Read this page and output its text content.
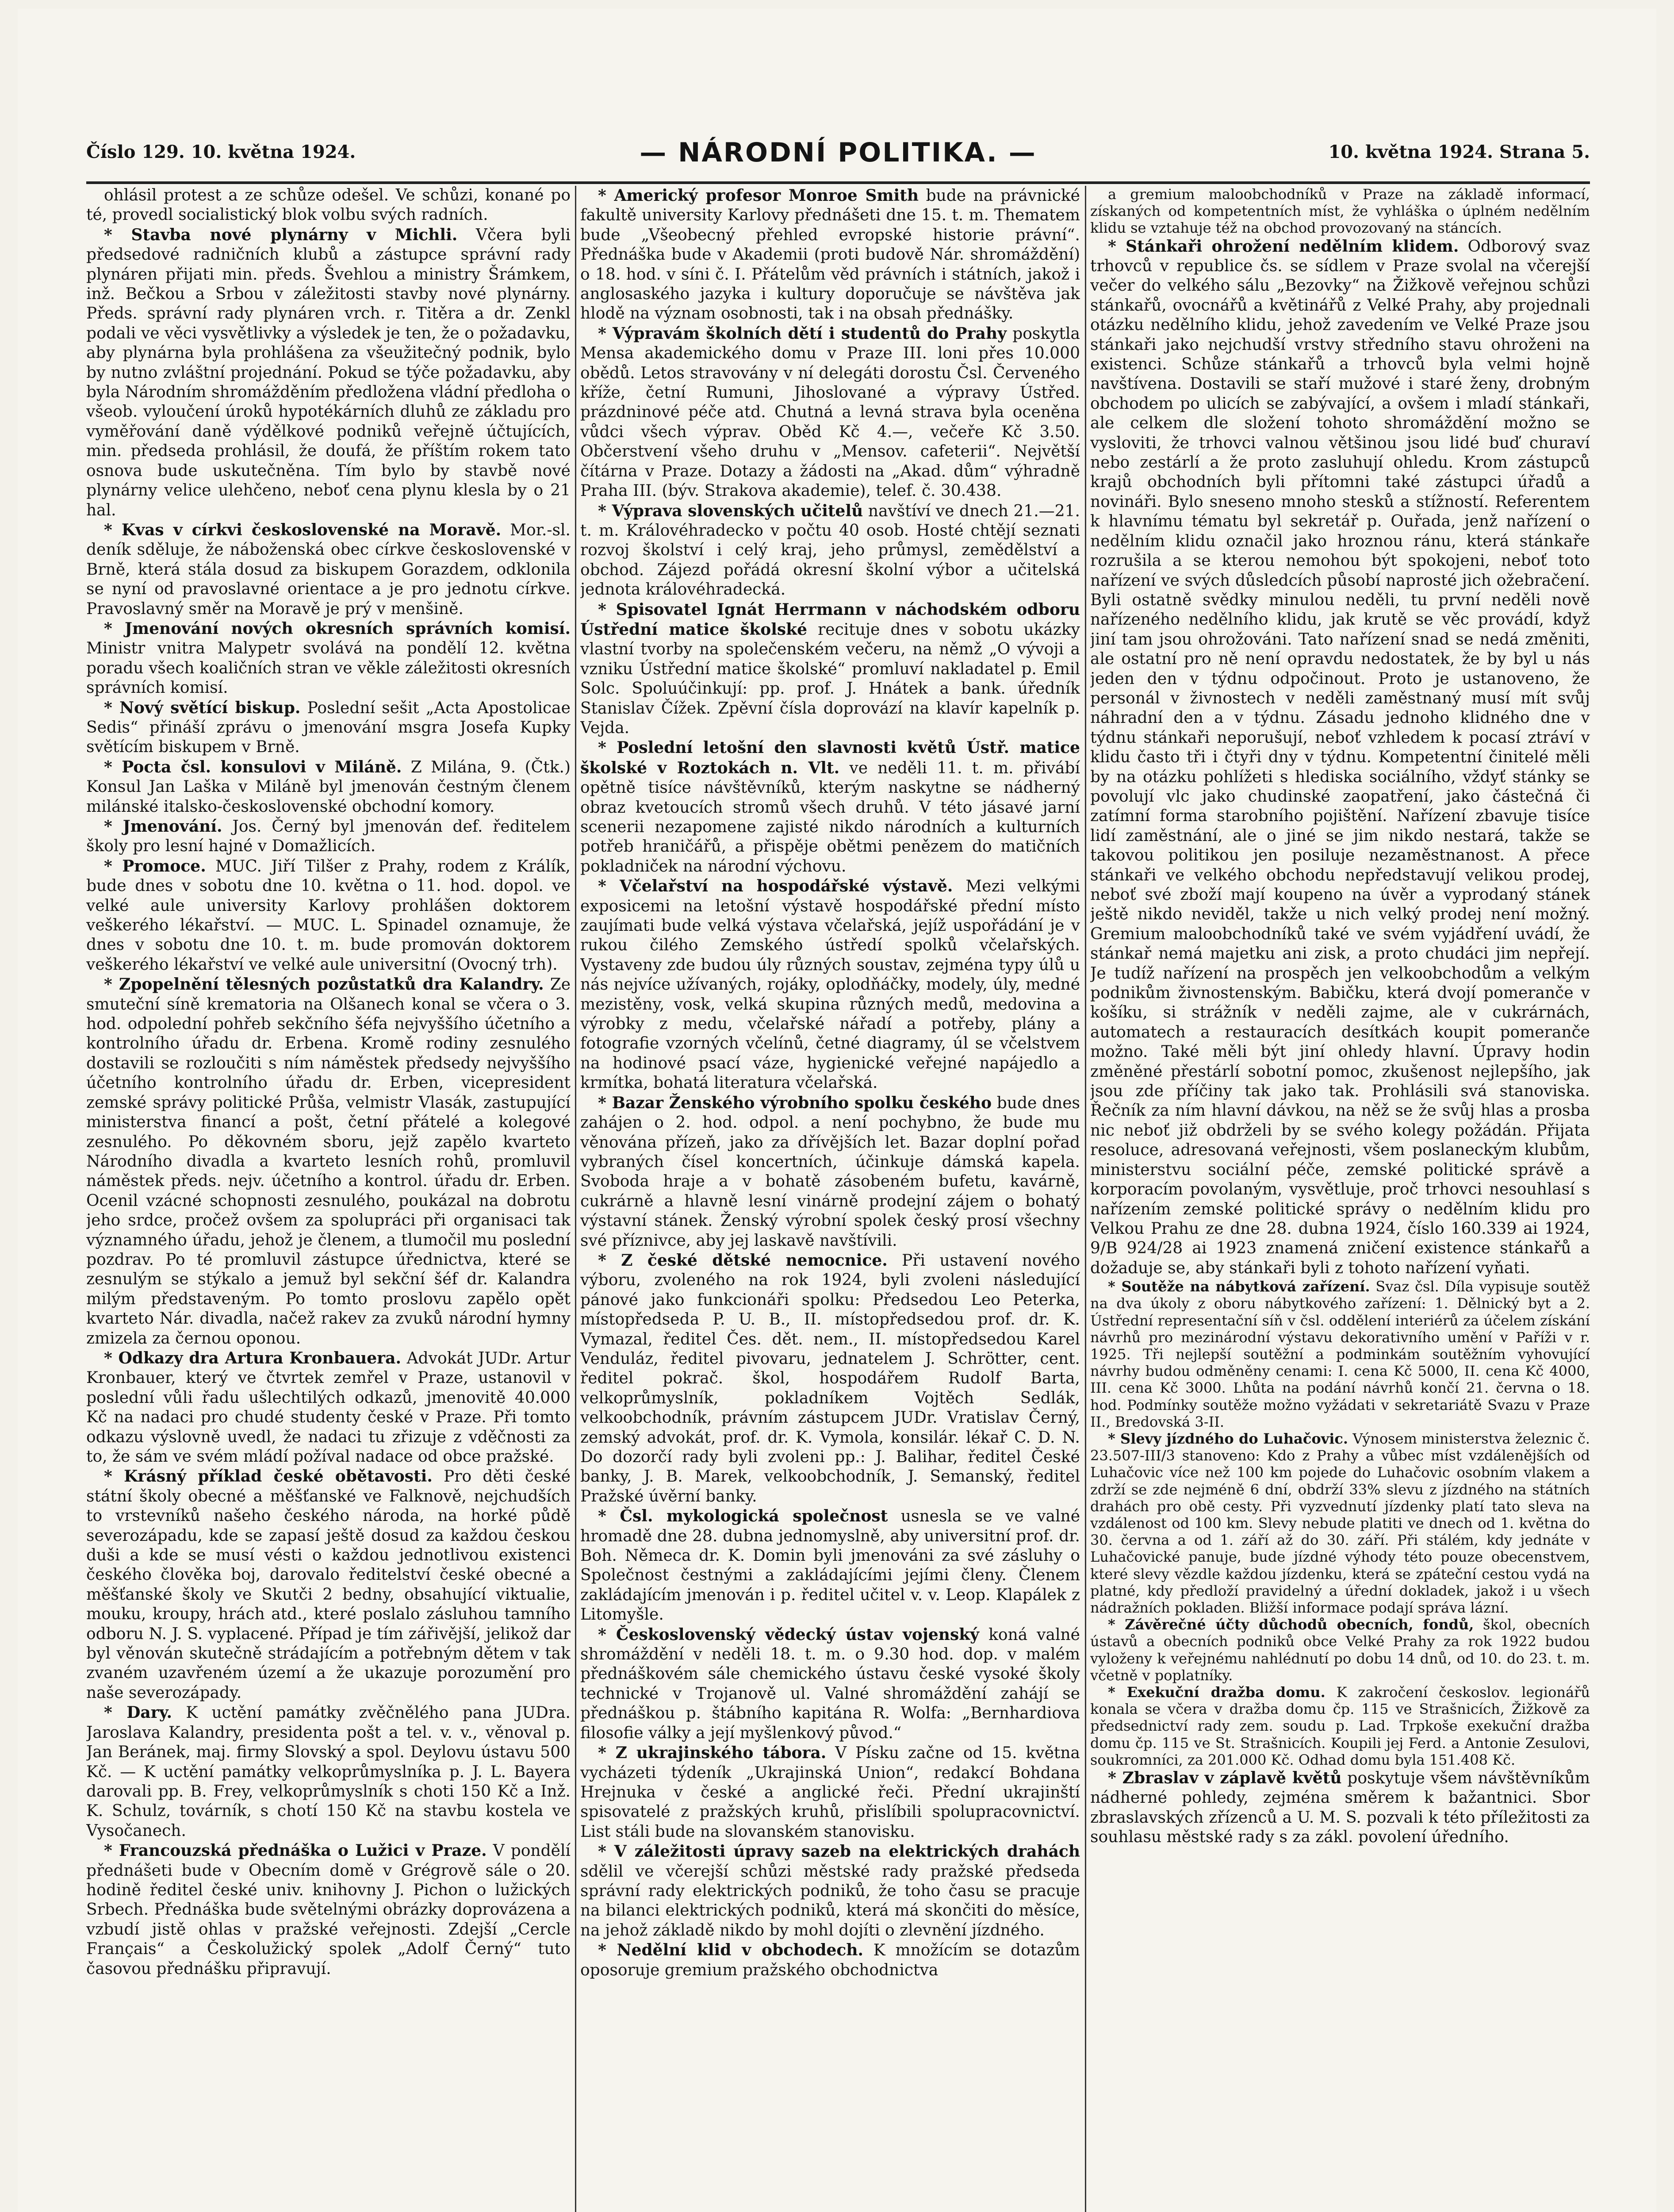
Číslo 129. 10. května 1924.	— NÁRODNÍ POLITIKA. —	10. května 1924. Strana 5.

ohlásil protest a ze schůze odešel. Ve schůzi, konané po té, provedl socialistický blok volbu svých radních.

* Stavba nové plynárny v Michli. Včera byli předsedové radničních klubů a zástupce správní rady plynáren přijati min. předs. Švehlou a ministry Šrámkem, inž. Bečkou a Srbou v záležitosti stavby nové plynárny. Předs. správní rady plynáren vrch. r. Titěra a dr. Zenkl podali ve věci vysvětlivky a výsledek je ten, že o požadavku, aby plynárna byla prohlášena za všeužitečný podnik, bylo by nutno zvláštní projednání. Pokud se týče požadavku, aby byla Národním shromážděním předložena vládní předloha o všeob. vyloučení úroků hypotékárních dluhů ze základu pro vyměřování daně výdělkové podniků veřejně účtujících, min. předseda prohlásil, že doufá, že příštím rokem tato osnova bude uskutečněna. Tím bylo by stavbě nové plynárny velice ulehčeno, neboť cena plynu klesla by o 21 hal.

* Kvas v církvi československé na Moravě. Mor.-sl. deník sděluje, že náboženská obec církve československé v Brně, která stála dosud za biskupem Gorazdem, odklonila se nyní od pravoslavné orientace a je pro jednotu církve. Pravoslavný směr na Moravě je prý v menšině.

* Jmenování nových okresních správních komisí. Ministr vnitra Malypetr svolává na pondělí 12. května poradu všech koaličních stran ve věkle záležitosti okresních správních komisí.

* Nový světící biskup. Poslední sešit „Acta Apostolicae Sedis“ přináší zprávu o jmenování msgra Josefa Kupky světícím biskupem v Brně.

* Pocta čsl. konsulovi v Miláně. Z Milána, 9. (Čtk.) Konsul Jan Laška v Miláně byl jmenován čestným členem milánské italsko-československé obchodní komory.

* Jmenování. Jos. Černý byl jmenován def. ředitelem školy pro lesní hajné v Domažlicích.

* Promoce. MUC. Jiří Tilšer z Prahy, rodem z Králík, bude dnes v sobotu dne 10. května o 11. hod. dopol. ve velké aule university Karlovy prohlášen doktorem veškerého lékařství. — MUC. L. Spinadel oznamuje, že dnes v sobotu dne 10. t. m. bude promován doktorem veškerého lékařství ve velké aule universitní (Ovocný trh).

* Zpopelnění tělesných pozůstatků dra Kalandry. Ze smuteční síně krematoria na Olšanech konal se včera o 3. hod. odpolední pohřeb sekčního šéfa nejvyššího účetního a kontrolního úřadu dr. Erbena. Kromě rodiny zesnulého dostavili se rozloučiti s ním náměstek předsedy nejvyššího účetního kontrolního úřadu dr. Erben, vicepresident zemské správy politické Průša, velmistr Vlasák, zastupující ministerstva financí a pošt, četní přátelé a kolegové zesnulého. Po děkovném sboru, jejž zapělo kvarteto Národního divadla a kvarteto lesních rohů, promluvil náměstek předs. nejv. účetního a kontrol. úřadu dr. Erben. Ocenil vzácné schopnosti zesnulého, poukázal na dobrotu jeho srdce, pročež ovšem za spolupráci při organisaci tak významného úřadu, jehož je členem, a tlumočil mu poslední pozdrav. Po té promluvil zástupce úřednictva, které se zesnulým se stýkalo a jemuž byl sekční šéf dr. Kalandra milým představeným. Po tomto proslovu zapělo opět kvarteto Nár. divadla, načež rakev za zvuků národní hymny zmizela za černou oponou.

* Odkazy dra Artura Kronbauera. Advokát JUDr. Artur Kronbauer, který ve čtvrtek zemřel v Praze, ustanovil v poslední vůli řadu ušlechtilých odkazů, jmenovitě 40.000 Kč na nadaci pro chudé studenty české v Praze. Při tomto odkazu výslovně uvedl, že nadaci tu zřizuje z vděčnosti za to, že sám ve svém mládí požíval nadace od obce pražské.

* Krásný příklad české obětavosti. Pro děti české státní školy obecné a měšťanské ve Falknově, nejchudších to vrstevníků našeho českého národa, na horké půdě severozápadu, kde se zapasí ještě dosud za každou českou duši a kde se musí vésti o každou jednotlivou existenci českého člověka boj, darovalo ředitelství české obecné a měšťanské školy ve Skutči 2 bedny, obsahující viktualie, mouku, kroupy, hrách atd., které poslalo zásluhou tamního odboru N. J. S. vyplacené. Případ je tím zářivější, jelikož dar byl věnován skutečně strádajícím a potřebným dětem v tak zvaném uzavřeném území a že ukazuje porozumění pro naše severozápady.

* Dary. K uctění památky zvěčnělého pana JUDra. Jaroslava Kalandry, presidenta pošt a tel. v. v., věnoval p. Jan Beránek, maj. firmy Slovský a spol. Deylovu ústavu 500 Kč. — K uctění památky velkoprůmyslníka p. J. L. Bayera darovali pp. B. Frey, velkoprůmyslník s choti 150 Kč a Inž. K. Schulz, továrník, s chotí 150 Kč na stavbu kostela ve Vysočanech.

* Francouzská přednáška o Lužici v Praze. V pondělí přednášeti bude v Obecním domě v Grégrově sále o 20. hodině ředitel české univ. knihovny J. Pichon o lužických Srbech. Přednáška bude světelnými obrázky doprovázena a vzbudí jistě ohlas v pražské veřejnosti. Zdejší „Cercle Français“ a Českolužický spolek „Adolf Černý“ tuto časovou přednášku připravují.

* Americký profesor Monroe Smith bude na právnické fakultě university Karlovy přednášeti dne 15. t. m. Thematem bude „Všeobecný přehled evropské historie právní“. Přednáška bude v Akademii (proti budově Nár. shromáždění) o 18. hod. v síni č. I. Přátelům věd právních i státních, jakož i anglosaského jazyka i kultury doporučuje se návštěva jak hlodě na význam osobnosti, tak i na obsah přednášky.

* Výpravám školních dětí i studentů do Prahy poskytla Mensa akademického domu v Praze III. loni přes 10.000 obědů. Letos stravovány v ní delegáti dorostu Čsl. Červeného kříže, četní Rumuni, Jihoslované a výpravy Ústřed. prázdninové péče atd. Chutná a levná strava byla oceněna vůdci všech výprav. Oběd Kč 4.—, večeře Kč 3.50. Občerstvení všeho druhu v „Mensov. cafeterii“. Největší čítárna v Praze. Dotazy a žádosti na „Akad. dům“ výhradně Praha III. (býv. Strakova akademie), telef. č. 30.438.

* Výprava slovenských učitelů navštíví ve dnech 21.—21. t. m. Královéhradecko v počtu 40 osob. Hosté chtějí seznati rozvoj školství i celý kraj, jeho průmysl, zemědělství a obchod. Zájezd pořádá okresní školní výbor a učitelská jednota královéhradecká.

* Spisovatel Ignát Herrmann v náchodském odboru Ústřední matice školské recituje dnes v sobotu ukázky vlastní tvorby na společenském večeru, na němž „O vývoji a vzniku Ústřední matice školské“ promluví nakladatel p. Emil Solc. Spoluúčinkují: pp. prof. J. Hnátek a bank. úředník Stanislav Čížek. Zpěvní čísla doprovází na klavír kapelník p. Vejda.

* Poslední letošní den slavnosti květů Ústř. matice školské v Roztokách n. Vlt. ve neděli 11. t. m. přivábí opětně tisíce návštěvníků, kterým naskytne se nádherný obraz kvetoucích stromů všech druhů. V této jásavé jarní scenerii nezapomene zajisté nikdo národních a kulturních potřeb hraničářů, a přispěje obětmi penězem do matičních pokladniček na národní výchovu.

* Včelařství na hospodářské výstavě. Mezi velkými exposicemi na letošní výstavě hospodářské přední místo zaujímati bude velká výstava včelařská, jejíž uspořádání je v rukou čilého Zemského ústředí spolků včelařských. Vystaveny zde budou úly různých soustav, zejména typy úlů u nás nejvíce užívaných, rojáky, oplodňáčky, modely, úly, medné mezistěny, vosk, velká skupina různých medů, medovina a výrobky z medu, včelařské nářadí a potřeby, plány a fotografie vzorných včelínů, četné diagramy, úl se včelstvem na hodinové psací váze, hygienické veřejné napájedlo a krmítka, bohatá literatura včelařská.

* Bazar Ženského výrobního spolku českého bude dnes zahájen o 2. hod. odpol. a není pochybno, že bude mu věnována přízeň, jako za dřívějších let. Bazar doplní pořad vybraných čísel koncertních, účinkuje dámská kapela. Svoboda hraje a v bohatě zásobeném bufetu, kavárně, cukrárně a hlavně lesní vinárně prodejní zájem o bohatý výstavní stánek. Ženský výrobní spolek český prosí všechny své příznivce, aby jej laskavě navštívili.

* Z české dětské nemocnice. Při ustavení nového výboru, zvoleného na rok 1924, byli zvoleni následující pánové jako funkcionáři spolku: Předsedou Leo Peterka, místopředseda P. U. B., II. místopředsedou prof. dr. K. Vymazal, ředitel Čes. dět. nem., II. místopředsedou Karel Venduláz, ředitel pivovaru, jednatelem J. Schrötter, cent. ředitel pokrač. škol, hospodářem Rudolf Barta, velkoprůmyslník, pokladníkem Vojtěch Sedlák, velkoobchodník, právním zástupcem JUDr. Vratislav Černý, zemský advokát, prof. dr. K. Vymola, konsilár. lékař C. D. N. Do dozorčí rady byli zvoleni pp.: J. Balihar, ředitel České banky, J. B. Marek, velkoobchodník, J. Semanský, ředitel Pražské úvěrní banky.

* Čsl. mykologická společnost usnesla se ve valné hromadě dne 28. dubna jednomyslně, aby universitní prof. dr. Boh. Němeca dr. K. Domin byli jmenováni za své zásluhy o Společnost čestnými a zakládajícími jejími členy. Členem zakládajícím jmenován i p. ředitel učitel v. v. Leop. Klapálek z Litomyšle.

* Československý vědecký ústav vojenský koná valné shromáždění v neděli 18. t. m. o 9.30 hod. dop. v malém přednáškovém sále chemického ústavu české vysoké školy technické v Trojanově ul. Valné shromáždění zahájí se přednáškou p. štábního kapitána R. Wolfa: „Bernhardiova filosofie války a její myšlenkový původ.“

* Z ukrajinského tábora. V Písku začne od 15. května vycházeti týdeník „Ukrajinská Union“, redakcí Bohdana Hrejnuka v české a anglické řeči. Přední ukrajinští spisovatelé z pražských kruhů, přislíbili spolupracovnictví. List stáli bude na slovanském stanovisku.

* V záležitosti úpravy sazeb na elektrických drahách sdělil ve včerejší schůzi městské rady pražské předseda správní rady elektrických podniků, že toho času se pracuje na bilanci elektrických podniků, která má skončiti do měsíce, na jehož základě nikdo by mohl dojíti o zlevnění jízdného.

* Nedělní klid v obchodech. K množícím se dotazům oposoruje gremium pražského obchodnictva

a gremium maloobchodníků v Praze na základě informací, získaných od kompetentních míst, že vyhláška o úplném nedělním klidu se vztahuje též na obchod provozovaný na stáncích.

* Stánkaři ohrožení nedělním klidem. Odborový svaz trhovců v republice čs. se sídlem v Praze svolal na včerejší večer do velkého sálu „Bezovky“ na Žižkově veřejnou schůzi stánkařů, ovocnářů a květinářů z Velké Prahy, aby projednali otázku nedělního klidu, jehož zavedením ve Velké Praze jsou stánkaři jako nejchudší vrstvy středního stavu ohroženi na existenci. Schůze stánkařů a trhovců byla velmi hojně navštívena. Dostavili se staří mužové i staré ženy, drobným obchodem po ulicích se zabývající, a ovšem i mladí stánkaři, ale celkem dle složení tohoto shromáždění možno se vysloviti, že trhovci valnou většinou jsou lidé buď churaví nebo zestárlí a že proto zasluhují ohledu. Krom zástupců krajů obchodních byli přítomni také zástupci úřadů a novináři. Bylo sneseno mnoho stesků a stížností. Referentem k hlavnímu tématu byl sekretář p. Ouřada, jenž nařízení o nedělním klidu označil jako hroznou ránu, která stánkaře rozrušila a se kterou nemohou být spokojeni, neboť toto nařízení ve svých důsledcích působí naprosté jich ožebračení. Byli ostatně svědky minulou neděli, tu první neděli nově nařízeného nedělního klidu, jak krutě se věc provádí, když jiní tam jsou ohrožováni. Tato nařízení snad se nedá změniti, ale ostatní pro ně není opravdu nedostatek, že by byl u nás jeden den v týdnu odpočinout. Proto je ustanoveno, že personál v živnostech v neděli zaměstnaný musí mít svůj náhradní den a v týdnu. Zásadu jednoho klidného dne v týdnu stánkaři neporušují, neboť vzhledem k pocasí ztráví v klidu často tři i čtyři dny v týdnu. Kompetentní činitelé měli by na otázku pohlížeti s hlediska sociálního, vždyť stánky se povolují vlc jako chudinské zaopatření, jako částečná či zatímní forma starobního pojištění. Nařízení zbavuje tisíce lidí zaměstnání, ale o jiné se jim nikdo nestará, takže se takovou politikou jen posiluje nezaměstnanost. A přece stánkaři ve velkého obchodu nepředstavují velikou prodej, neboť své zboží mají koupeno na úvěr a vyprodaný stánek ještě nikdo neviděl, takže u nich velký prodej není možný. Gremium maloobchodníků také ve svém vyjádření uvádí, že stánkař nemá majetku ani zisk, a proto chudáci jim nepřejí. Je tudíž nařízení na prospěch jen velkoobchodům a velkým podnikům živnostenským. Babičku, která dvojí pomeranče v košíku, si strážník v neděli zajme, ale v cukrárnách, automatech a restauracích desítkách koupit pomeranče možno. Také měli být jiní ohledy hlavní. Úpravy hodin změněné přestárlí sobotní pomoc, zkušenost nejlepšího, jak jsou zde příčiny tak jako tak. Prohlásili svá stanoviska. Řečník za ním hlavní dávkou, na něž se že svůj hlas a prosba nic neboť již obdrželi by se svého kolegy požádán. Přijata resoluce, adresovaná veřejnosti, všem poslaneckým klubům, ministerstvu sociální péče, zemské politické správě a korporacím povolaným, vysvětluje, proč trhovci nesouhlasí s nařízením zemské politické správy o nedělním klidu pro Velkou Prahu ze dne 28. dubna 1924, číslo 160.339 ai 1924, 9/B 924/28 ai 1923 znamená zničení existence stánkařů a dožaduje se, aby stánkaři byli z tohoto nařízení vyňati.

* Soutěže na nábytková zařízení. Svaz čsl. Díla vypisuje soutěž na dva úkoly z oboru nábytkového zařízení: 1. Dělnický byt a 2. Ústřední representační síň v čsl. oddělení interiérů za účelem získání návrhů pro mezinárodní výstavu dekorativního umění v Paříži v r. 1925. Tři nejlepší soutěžní a podminkám soutěžním vyhovující návrhy budou odměněny cenami: I. cena Kč 5000, II. cena Kč 4000, III. cena Kč 3000. Lhůta na podání návrhů končí 21. června o 18. hod. Podmínky soutěže možno vyžádati v sekretariátě Svazu v Praze II., Bredovská 3-II.

* Slevy jízdného do Luhačovic. Výnosem ministerstva železnic č. 23.507-III/3 stanoveno: Kdo z Prahy a vůbec míst vzdálenějších od Luhačovic více než 100 km pojede do Luhačovic osobním vlakem a zdrží se zde nejméně 6 dní, obdrží 33% slevu z jízdného na státních drahách pro obě cesty. Při vyzvednutí jízdenky platí tato sleva na vzdálenost od 100 km. Slevy nebude platiti ve dnech od 1. května do 30. června a od 1. září až do 30. září. Při stálém, kdy jednáte v Luhačovické panuje, bude jízdné výhody této pouze obecenstvem, které slevy vězdle každou jízdenku, která se zpáteční cestou vydá na platné, kdy předloží pravidelný a úřední dokladek, jakož i u všech nádražních pokladen. Bližší informace podají správa lázní.

* Závěrečné účty důchodů obecních, fondů, škol, obecních ústavů a obecních podniků obce Velké Prahy za rok 1922 budou vyloženy k veřejnému nahlédnutí po dobu 14 dnů, od 10. do 23. t. m. včetně v poplatníky.

* Exekuční dražba domu. K zakročení českoslov. legionářů konala se včera v dražba domu čp. 115 ve Strašnicích, Žižkově za předsednictví rady zem. soudu p. Lad. Trpkoše exekuční dražba domu čp. 115 ve St. Strašnicích. Koupili jej Ferd. a Antonie Zesulovi, soukromníci, za 201.000 Kč. Odhad domu byla 151.408 Kč.

* Zbraslav v záplavě květů poskytuje všem návštěvníkům nádherné pohledy, zejména směrem k bažantnici. Sbor zbraslavských zřízenců a U. M. S. pozvali k této příležitosti za souhlasu městské rady s za zákl. povolení úředního.
